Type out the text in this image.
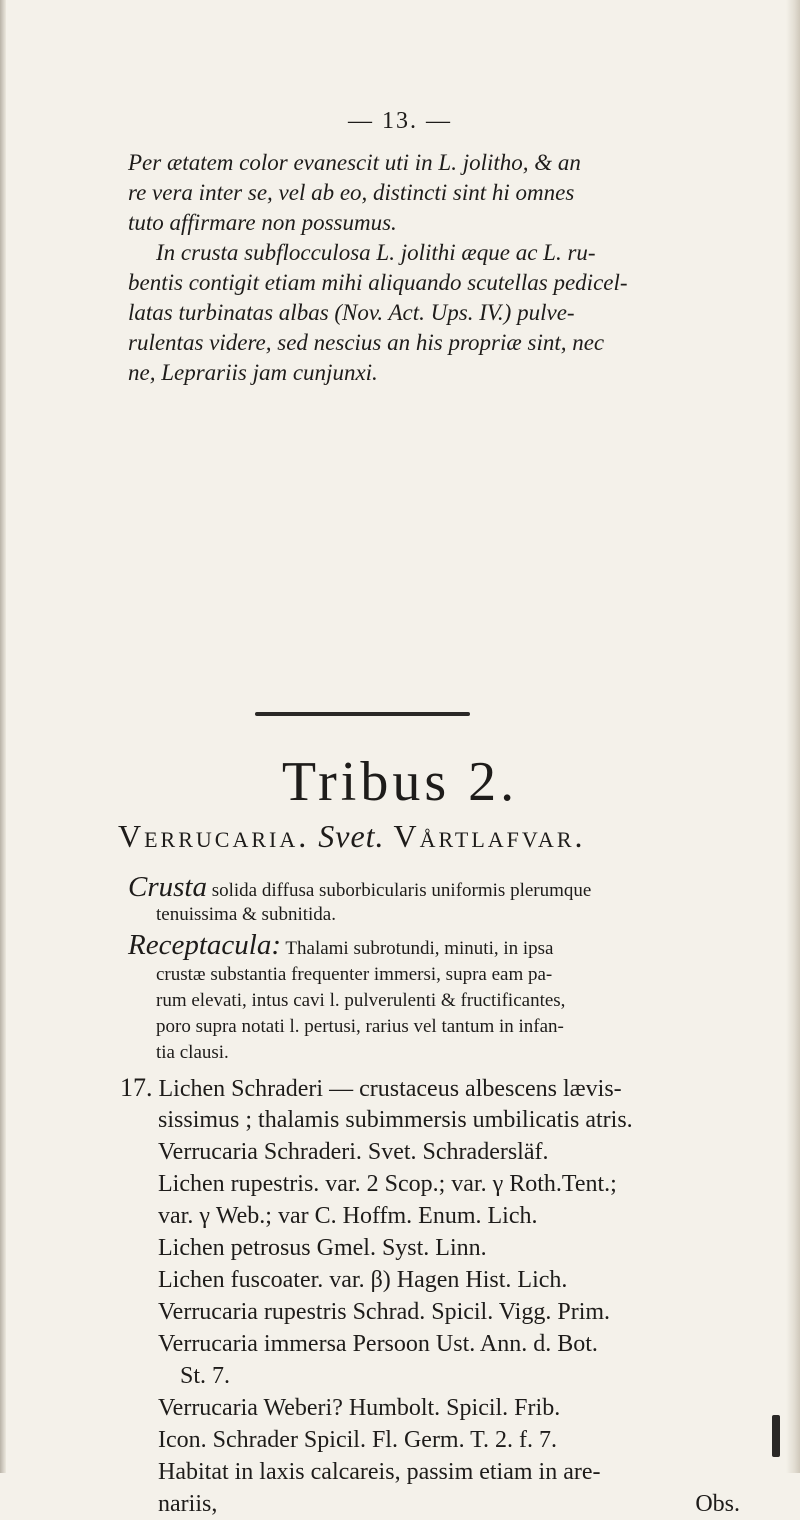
— 13. —
Per ætatem color evanescit uti in L. jolitho, & an
re vera inter se, vel ab eo, distincti sint hi omnes
tuto affirmare non possumus.
In crusta subflocculosa L. jolithi æque ac L. ru-
bentis contigit etiam mihi aliquando scutellas pedicel-
latas turbinatas albas (Nov. Act. Ups. IV.) pulve-
rulentas videre, sed nescius an his propriæ sint, nec
ne, Leprariis jam cunjunxi.
Tribus 2.
Verrucaria. Svet. Vårtlafvar.
Crusta solida diffusa suborbicularis uniformis plerumque
tenuissima & subnitida.
Receptacula: Thalami subrotundi, minuti, in ipsa
crustæ substantia frequenter immersi, supra eam pa-
rum elevati, intus cavi l. pulverulenti & fructificantes,
poro supra notati l. pertusi, rarius vel tantum in infan-
tia clausi.
17. Lichen Schraderi — crustaceus albescens lævis-
sissimus ; thalamis subimmersis umbilicatis atris.
Verrucaria Schraderi. Svet. Schradersläf.
Lichen rupestris. var. 2 Scop.; var. γ Roth.Tent.;
var. γ Web.; var C. Hoffm. Enum. Lich.
Lichen petrosus Gmel. Syst. Linn.
Lichen fuscoater. var. β) Hagen Hist. Lich.
Verrucaria rupestris Schrad. Spicil. Vigg. Prim.
Verrucaria immersa Persoon Ust. Ann. d. Bot.
St. 7.
Verrucaria Weberi? Humbolt. Spicil. Frib.
Icon. Schrader Spicil. Fl. Germ. T. 2. f. 7.
Habitat in laxis calcareis, passim etiam in are-
nariis,	Obs.
